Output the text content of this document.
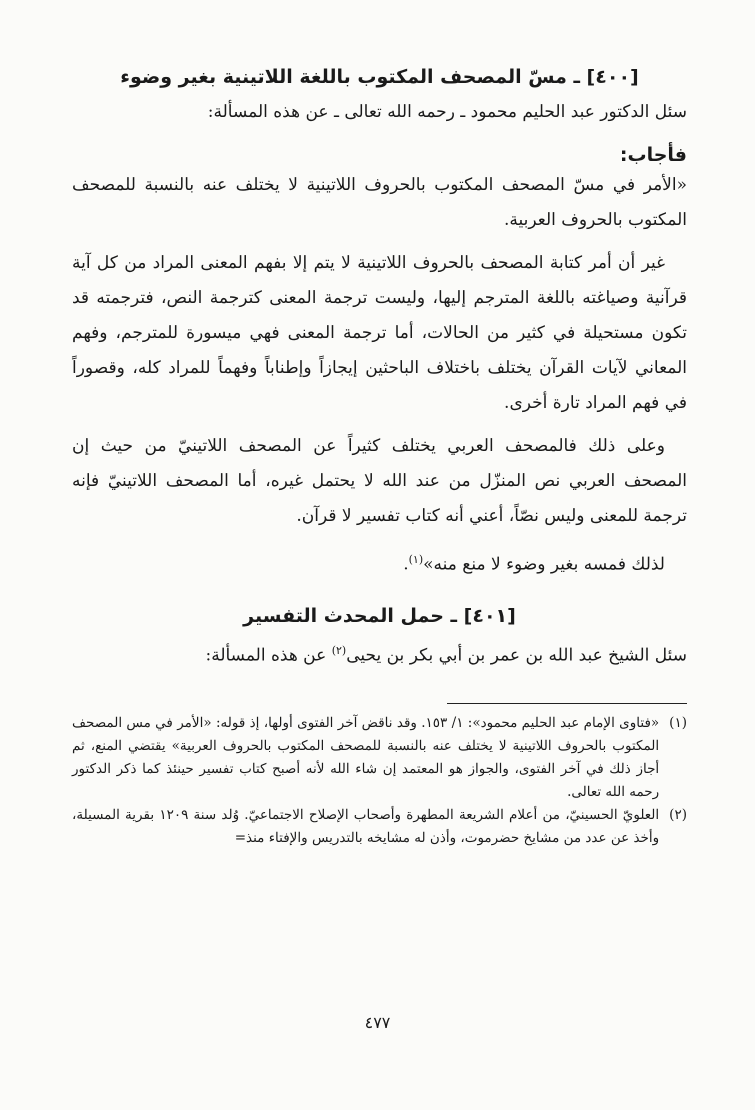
[٤٠٠] ـ مسّ المصحف المكتوب باللغة اللاتينية بغير وضوء

سئل الدكتور عبد الحليم محمود ـ رحمه الله تعالى ـ عن هذه المسألة:

فأجاب:

«الأمر في مسّ المصحف المكتوب بالحروف اللاتينية لا يختلف عنه بالنسبة للمصحف المكتوب بالحروف العربية.

غير أن أمر كتابة المصحف بالحروف اللاتينية لا يتم إلا بفهم المعنى المراد من كل آية قرآنية وصياغته باللغة المترجم إليها، وليست ترجمة المعنى كترجمة النص، فترجمته قد تكون مستحيلة في كثير من الحالات، أما ترجمة المعنى فهي ميسورة للمترجم، وفهم المعاني لآيات القرآن يختلف باختلاف الباحثين إيجازاً وإطناباً وفهماً للمراد كله، وقصوراً في فهم المراد تارة أخرى.

وعلى ذلك فالمصحف العربي يختلف كثيراً عن المصحف اللاتينيّ من حيث إن المصحف العربي نص المنزّل من عند الله لا يحتمل غيره، أما المصحف اللاتينيّ فإنه ترجمة للمعنى وليس نصّاً، أعني أنه كتاب تفسير لا قرآن.

لذلك فمسه بغير وضوء لا منع منه»$^{(١)}$.

[٤٠١] ـ حمل المحدث التفسير

سئل الشيخ عبد الله بن عمر بن أبي بكر بن يحيى$^{(٢)}$ عن هذه المسألة:

(١)
«فتاوى الإمام عبد الحليم محمود»: ١/ ١٥٣. وقد ناقض آخر الفتوى أولها، إذ قوله: «الأمر في مس المصحف المكتوب بالحروف اللاتينية لا يختلف عنه بالنسبة للمصحف المكتوب بالحروف العربية» يقتضي المنع، ثم أجاز ذلك في آخر الفتوى، والجواز هو المعتمد إن شاء الله لأنه أصبح كتاب تفسير حينئذ كما ذكر الدكتور رحمه الله تعالى.
(٢)
العلويّ الحسينيّ، من أعلام الشريعة المطهرة وأصحاب الإصلاح الاجتماعيّ. وُلد سنة ١٢٠٩ بقرية المسيلة، وأخذ عن عدد من مشايخ حضرموت، وأذن له مشايخه بالتدريس والإفتاء منذ=
٤٧٧
